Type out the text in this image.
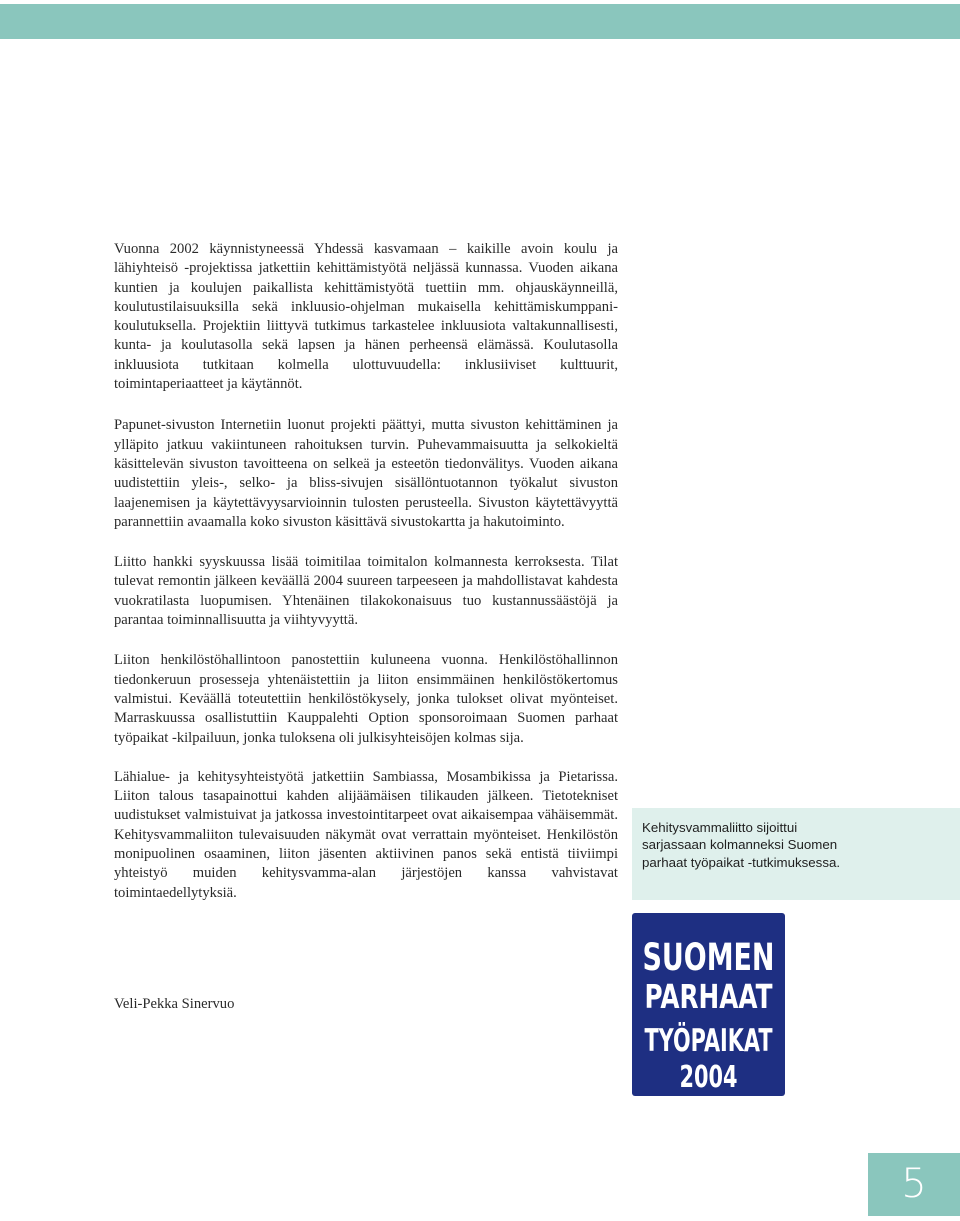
Vuonna 2002 käynnistyneessä Yhdessä kasvamaan – kaikille avoin koulu ja lähiyhteisö -projektissa jatkettiin kehittämistyötä neljässä kunnassa. Vuoden aikana kuntien ja koulujen paikallista kehittämistyötä tuettiin mm. ohjauskäynneillä, koulutustilaisuuksilla sekä inkluusio-ohjelman mukaisella kehittämiskumppani-koulutuksella. Projektiin liittyvä tutkimus tarkastelee inkluusiota valtakunnallisesti, kunta- ja koulutasolla sekä lapsen ja hänen perheensä elämässä. Koulutasolla inkluusiota tutkitaan kolmella ulottuvuudella: inklusiiviset kulttuurit, toimintaperiaatteet ja käytännöt.

Papunet-sivuston Internetiin luonut projekti päättyi, mutta sivuston kehittäminen ja ylläpito jatkuu vakiintuneen rahoituksen turvin. Puhevammaisuutta ja selkokieltä käsittelevän sivuston tavoitteena on selkeä ja esteetön tiedonvälitys. Vuoden aikana uudistettiin yleis-, selko- ja bliss-sivujen sisällöntuotannon työkalut sivuston laajenemisen ja käytettävyysarvioinnin tulosten perusteella. Sivuston käytettävyyttä parannettiin avaamalla koko sivuston käsittävä sivustokartta ja hakutoiminto.

Liitto hankki syyskuussa lisää toimitilaa toimitalon kolmannesta kerroksesta. Tilat tulevat remontin jälkeen keväällä 2004 suureen tarpeeseen ja mahdollistavat kahdesta vuokratilasta luopumisen. Yhtenäinen tilakokonaisuus tuo kustannussäästöjä ja parantaa toiminnallisuutta ja viihtyvyyttä.

Liiton henkilöstöhallintoon panostettiin kuluneena vuonna. Henkilöstöhallinnon tiedonkeruun prosesseja yhtenäistettiin ja liiton ensimmäinen henkilöstökertomus valmistui. Keväällä toteutettiin henkilöstökysely, jonka tulokset olivat myönteiset. Marraskuussa osallistuttiin Kauppalehti Option sponsoroimaan Suomen parhaat työpaikat -kilpailuun, jonka tuloksena oli julkisyhteisöjen kolmas sija.

Lähialue- ja kehitysyhteistyötä jatkettiin Sambiassa, Mosambikissa ja Pietarissa. Liiton talous tasapainottui kahden alijäämäisen tilikauden jälkeen. Tietotekniset uudistukset valmistuivat ja jatkossa investointitarpeet ovat aikaisempaa vähäisemmät. Kehitysvammaliiton tulevaisuuden näkymät ovat verrattain myönteiset. Henkilöstön monipuolinen osaaminen, liiton jäsenten aktiivinen panos sekä entistä tiiviimpi yhteistyö muiden kehitysvamma-alan järjestöjen kanssa vahvistavat toimintaedellytyksiä.

Veli-Pekka Sinervuo

Kehitysvammaliitto sijoittui sarjassaan kolmanneksi Suomen parhaat työpaikat -tutkimuksessa.

SUOMEN
PARHAAT
TYÖPAIKAT
2004
5
